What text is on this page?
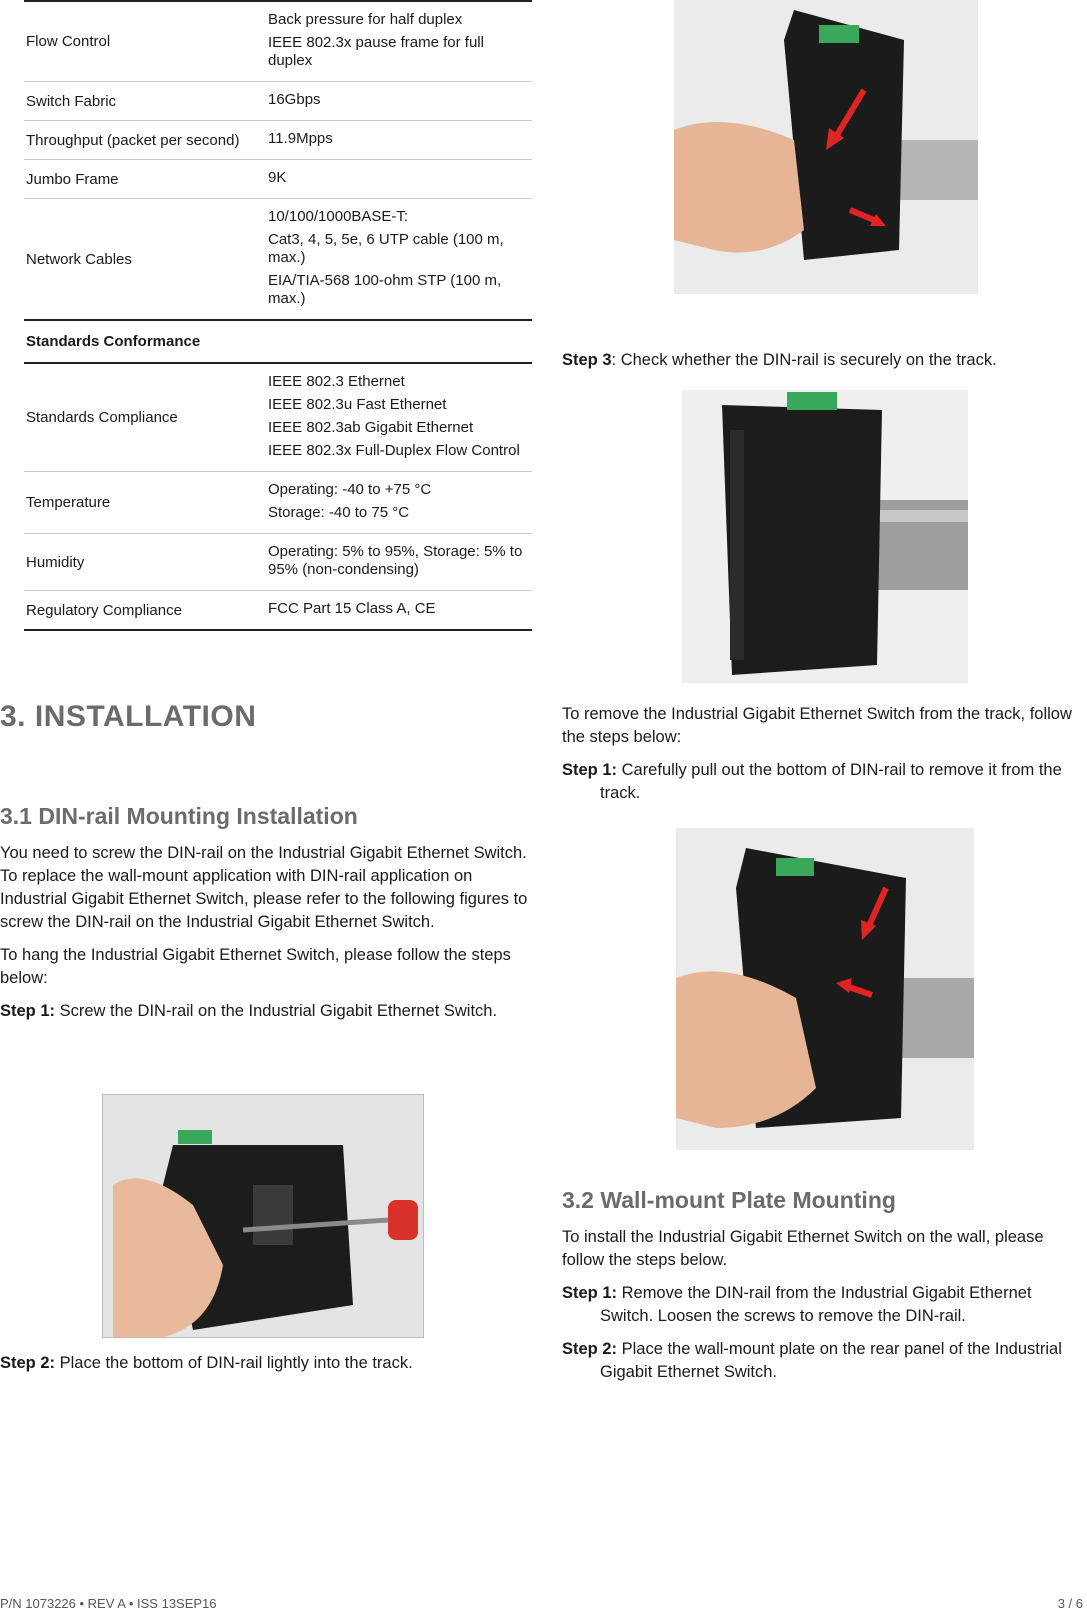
Flow Control	Back pressure for half duplex
IEEE 802.3x pause frame for full duplex

Switch Fabric	16Gbps

Throughput (packet per second)	11.9Mpps

Jumbo Frame	9K

Network Cables	10/100/1000BASE-T:
Cat3, 4, 5, 5e, 6 UTP cable (100 m, max.)
EIA/TIA-568 100-ohm STP (100 m, max.)

Standards Conformance	
Standards Compliance	IEEE 802.3 Ethernet
IEEE 802.3u Fast Ethernet
IEEE 802.3ab Gigabit Ethernet
IEEE 802.3x Full-Duplex Flow Control

Temperature	Operating: -40 to +75 °C
Storage: -40 to 75 °C

Humidity	Operating: 5% to 95%, Storage: 5% to 95% (non-condensing)

Regulatory Compliance	FCC Part 15 Class A, CE
3. INSTALLATION
3.1 DIN-rail Mounting Installation

You need to screw the DIN-rail on the Industrial Gigabit Ethernet Switch. To replace the wall-mount application with DIN-rail application on Industrial Gigabit Ethernet Switch, please refer to the following figures to screw the DIN-rail on the Industrial Gigabit Ethernet Switch.

To hang the Industrial Gigabit Ethernet Switch, please follow the steps below:

Step 1: Screw the DIN-rail on the Industrial Gigabit Ethernet Switch.

Step 2: Place the bottom of DIN-rail lightly into the track.

Step 3: Check whether the DIN-rail is securely on the track.

To remove the Industrial Gigabit Ethernet Switch from the track, follow the steps below:

Step 1: Carefully pull out the bottom of DIN-rail to remove it from the track.

3.2 Wall-mount Plate Mounting

To install the Industrial Gigabit Ethernet Switch on the wall, please follow the steps below.

Step 1: Remove the DIN-rail from the Industrial Gigabit Ethernet Switch. Loosen the screws to remove the DIN-rail.

Step 2: Place the wall-mount plate on the rear panel of the Industrial Gigabit Ethernet Switch.

P/N 1073226 • REV A • ISS 13SEP16	3 / 6
